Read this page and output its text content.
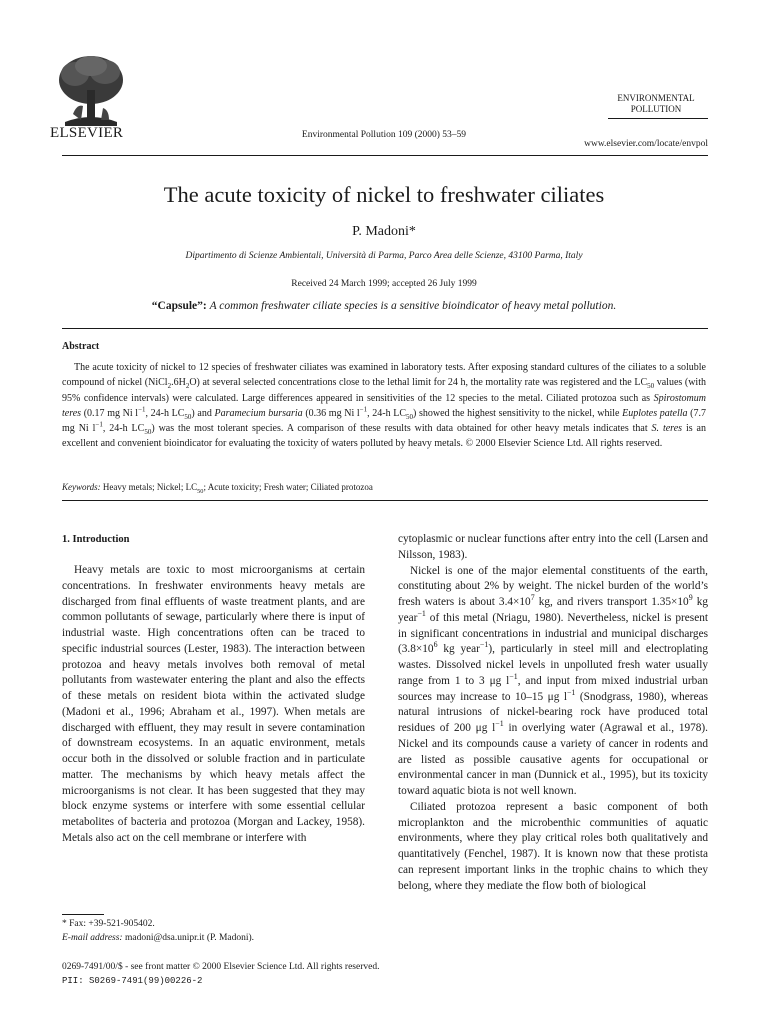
ELSEVIER	Environmental Pollution 109 (2000) 53–59
ENVIRONMENTAL
POLLUTION
www.elsevier.com/locate/envpol
The acute toxicity of nickel to freshwater ciliates
P. Madoni*
Dipartimento di Scienze Ambientali, Università di Parma, Parco Area delle Scienze, 43100 Parma, Italy
Received 24 March 1999; accepted 26 July 1999
“Capsule”: A common freshwater ciliate species is a sensitive bioindicator of heavy metal pollution.
Abstract
The acute toxicity of nickel to 12 species of freshwater ciliates was examined in laboratory tests. After exposing standard cultures of the ciliates to a soluble compound of nickel $(NiCl_2.6H_2O)$ at several selected concentrations close to the lethal limit for 24 h, the mortality rate was registered and the $LC_{50}$ values (with 95% confidence intervals) were calculated. Large differences appeared in sensitivities of the 12 species to the metal. Ciliated protozoa such as Spirostomum teres (0.17 mg Ni $l^{-1}$, 24-h $LC_{50}$) and Paramecium bursaria (0.36 mg Ni $l^{-1}$, 24-h $LC_{50}$) showed the highest sensitivity to the nickel, while Euplotes patella (7.7 mg Ni $l^{-1}$, 24-h $LC_{50}$) was the most tolerant species. A comparison of these results with data obtained for other heavy metals indicates that S. teres is an excellent and convenient bioindicator for evaluating the toxicity of waters polluted by heavy metals. © 2000 Elsevier Science Ltd. All rights reserved.
Keywords: Heavy metals; Nickel; $LC_{50}$; Acute toxicity; Fresh water; Ciliated protozoa
1. Introduction

Heavy metals are toxic to most microorganisms at certain concentrations. In freshwater environments heavy metals are discharged from final effluents of waste treatment plants, and are common pollutants of sewage, particularly where there is input of industrial waste. High concentrations often can be traced to specific industrial sources (Lester, 1983). The interaction between protozoa and heavy metals involves both removal of metal pollutants from wastewater entering the plant and also the effects of these metals on resident biota within the activated sludge (Madoni et al., 1996; Abraham et al., 1997). When metals are discharged with effluent, they may result in severe contamination of downstream ecosystems. In an aquatic environment, metals occur both in the dissolved or soluble fraction and in particulate matter. The mechanisms by which heavy metals affect the microorganisms is not clear. It has been suggested that they may block enzyme systems or interfere with some essential cellular metabolites of bacteria and protozoa (Morgan and Lackey, 1958). Metals also act on the cell membrane or interfere with

cytoplasmic or nuclear functions after entry into the cell (Larsen and Nilsson, 1983).

Nickel is one of the major elemental constituents of the earth, constituting about 2% by weight. The nickel burden of the world’s fresh waters is about $3.4\times 10^7$ kg, and rivers transport $1.35\times 10^9$ kg year$^{-1}$ of this metal (Nriagu, 1980). Nevertheless, nickel is present in significant concentrations in industrial and municipal discharges ($3.8\times 10^6$ kg year$^{-1}$), particularly in steel mill and electroplating wastes. Dissolved nickel levels in unpolluted fresh water usually range from 1 to 3 μg $l^{-1}$, and input from mixed industrial urban sources may increase to 10–15 μg $l^{-1}$ (Snodgrass, 1980), whereas natural intrusions of nickel-bearing rock have produced total residues of 200 μg $l^{-1}$ in overlying water (Agrawal et al., 1978). Nickel and its compounds cause a variety of cancer in rodents and are listed as possible causative agents for occupational or environmental cancer in man (Dunnick et al., 1995), but its toxicity toward aquatic biota is not well known.

Ciliated protozoa represent a basic component of both microplankton and the microbenthic communities of aquatic environments, where they play critical roles both qualitatively and quantitatively (Fenchel, 1987). It is known now that these protista can represent important links in the trophic chains to which they belong, where they mediate the flow both of biological

* Fax: +39-521-905402.
E-mail address: madoni@dsa.unipr.it (P. Madoni).
0269-7491/00/$ - see front matter © 2000 Elsevier Science Ltd. All rights reserved.
PII: S0269-7491(99)00226-2
